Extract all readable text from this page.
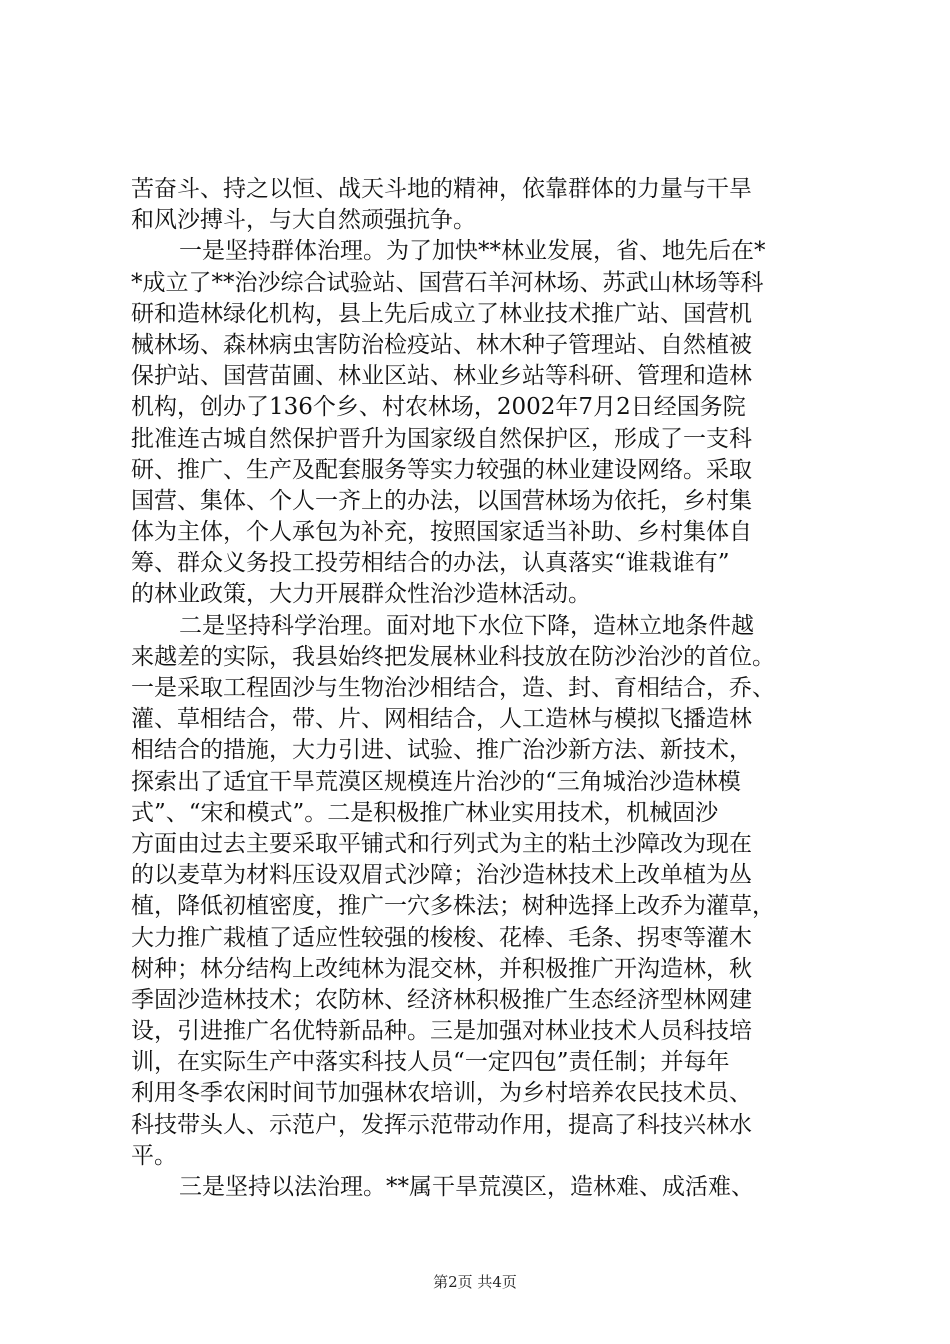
苦奋斗、持之以恒、战天斗地的精神，依靠群体的力量与干旱
和风沙搏斗，与大自然顽强抗争。
一是坚持群体治理。为了加快**林业发展，省、地先后在*
*成立了**治沙综合试验站、国营石羊河林场、苏武山林场等科
研和造林绿化机构，县上先后成立了林业技术推广站、国营机
械林场、森林病虫害防治检疫站、林木种子管理站、自然植被
保护站、国营苗圃、林业区站、林业乡站等科研、管理和造林
机构，创办了136个乡、村农林场，2002年7月2日经国务院
批准连古城自然保护晋升为国家级自然保护区，形成了一支科
研、推广、生产及配套服务等实力较强的林业建设网络。采取
国营、集体、个人一齐上的办法，以国营林场为依托，乡村集
体为主体，个人承包为补充，按照国家适当补助、乡村集体自
筹、群众义务投工投劳相结合的办法，认真落实“谁栽谁有”
的林业政策，大力开展群众性治沙造林活动。
二是坚持科学治理。面对地下水位下降，造林立地条件越
来越差的实际，我县始终把发展林业科技放在防沙治沙的首位。
一是采取工程固沙与生物治沙相结合，造、封、育相结合，乔、
灌、草相结合，带、片、网相结合，人工造林与模拟飞播造林
相结合的措施，大力引进、试验、推广治沙新方法、新技术，
探索出了适宜干旱荒漠区规模连片治沙的“三角城治沙造林模
式”、“宋和模式”。二是积极推广林业实用技术，机械固沙
方面由过去主要采取平铺式和行列式为主的粘土沙障改为现在
的以麦草为材料压设双眉式沙障；治沙造林技术上改单植为丛
植，降低初植密度，推广一穴多株法；树种选择上改乔为灌草，
大力推广栽植了适应性较强的梭梭、花棒、毛条、拐枣等灌木
树种；林分结构上改纯林为混交林，并积极推广开沟造林，秋
季固沙造林技术；农防林、经济林积极推广生态经济型林网建
设，引进推广名优特新品种。三是加强对林业技术人员科技培
训，在实际生产中落实科技人员“一定四包”责任制；并每年
利用冬季农闲时间节加强林农培训，为乡村培养农民技术员、
科技带头人、示范户，发挥示范带动作用，提高了科技兴林水
平。
三是坚持以法治理。**属干旱荒漠区，造林难、成活难、
第2页 共4页
